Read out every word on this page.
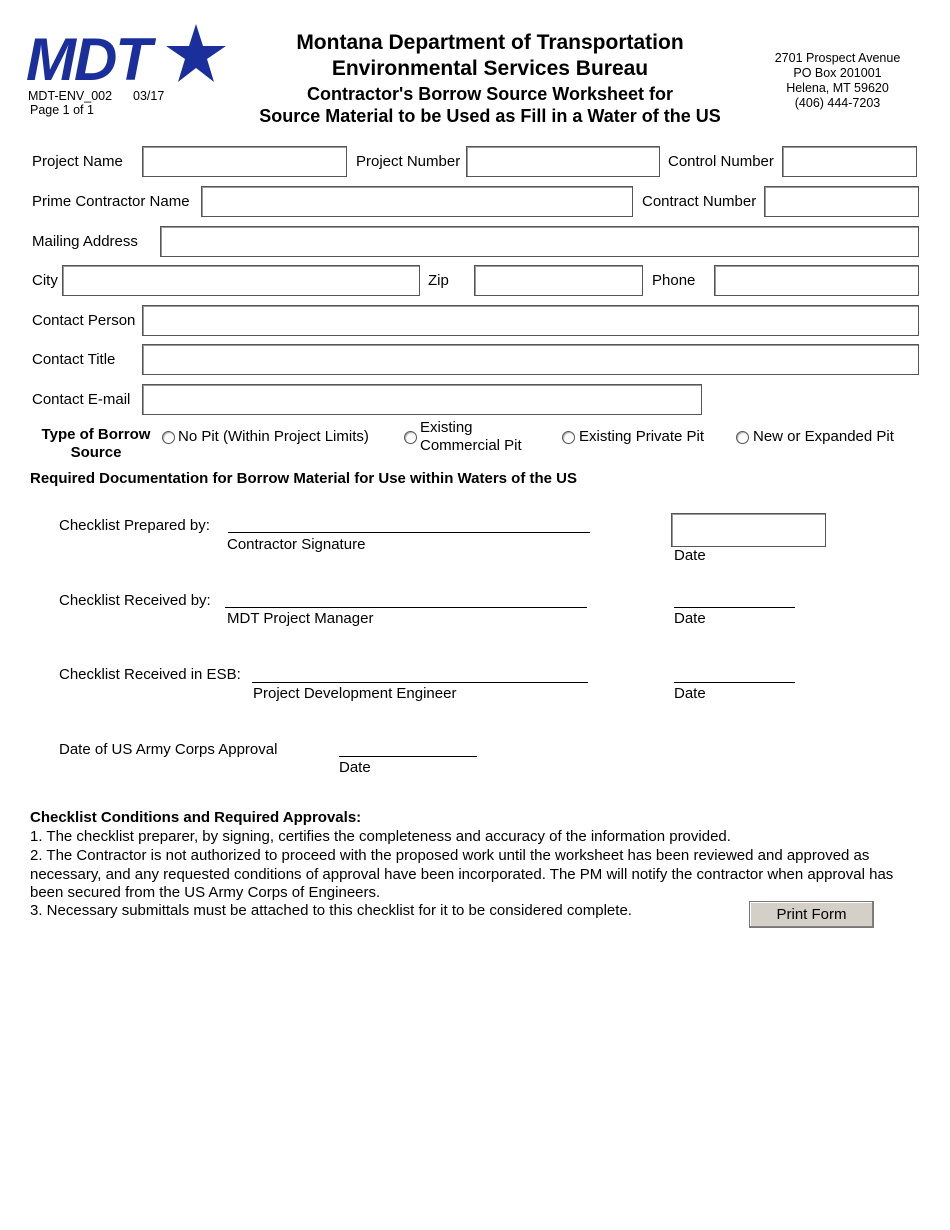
MDT
MDT-ENV_002 03/17
Page 1 of 1
Montana Department of Transportation
Environmental Services Bureau
Contractor's Borrow Source Worksheet for
Source Material to be Used as Fill in a Water of the US
2701 Prospect Avenue
PO Box 201001
Helena, MT 59620
(406) 444-7203
Project Name	Project Number	Control Number
Prime Contractor Name	Contract Number
Mailing Address
City	Zip	Phone
Contact Person
Contact Title
Contact E-mail
Type of Borrow
Source
No Pit (Within Project Limits)
Existing
Commercial Pit
Existing Private Pit	New or Expanded Pit
Required Documentation for Borrow Material for Use within Waters of the US
Checklist Prepared by:
Contractor Signature
Date
Checklist Received by:
MDT Project Manager	Date
Checklist Received in ESB:
Project Development Engineer	Date
Date of US Army Corps Approval
Date
Checklist Conditions and Required Approvals:
1. The checklist preparer, by signing, certifies the completeness and accuracy of the information provided.
2. The Contractor is not authorized to proceed with the proposed work until the worksheet has been reviewed and approved as necessary, and any requested conditions of approval have been incorporated. The PM will notify the contractor when approval has been secured from the US Army Corps of Engineers.
3. Necessary submittals must be attached to this checklist for it to be considered complete.	Print Form
